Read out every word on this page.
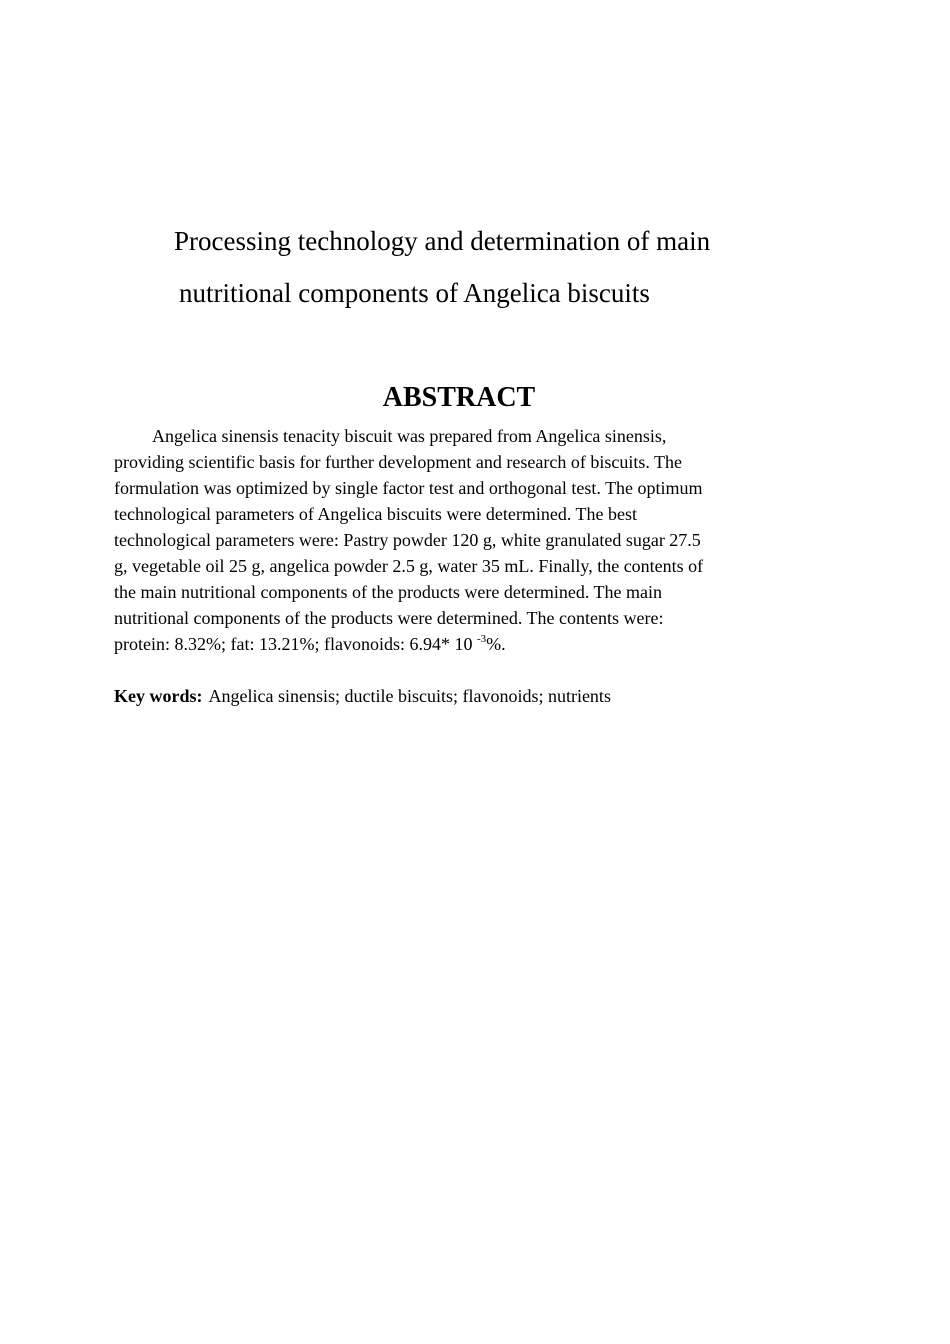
Processing technology and determination of main
nutritional components of Angelica biscuits
ABSTRACT
Angelica sinensis tenacity biscuit was prepared from Angelica sinensis,
providing scientific basis for further development and research of biscuits. The
formulation was optimized by single factor test and orthogonal test. The optimum
technological parameters of Angelica biscuits were determined. The best
technological parameters were: Pastry powder 120 g, white granulated sugar 27.5
g, vegetable oil 25 g, angelica powder 2.5 g, water 35 mL. Finally, the contents of
the main nutritional components of the products were determined. The main
nutritional components of the products were determined. The contents were:
protein: 8.32%; fat: 13.21%; flavonoids: 6.94* 10 $^{-3}$%.

Key words: Angelica sinensis; ductile biscuits; flavonoids; nutrients
